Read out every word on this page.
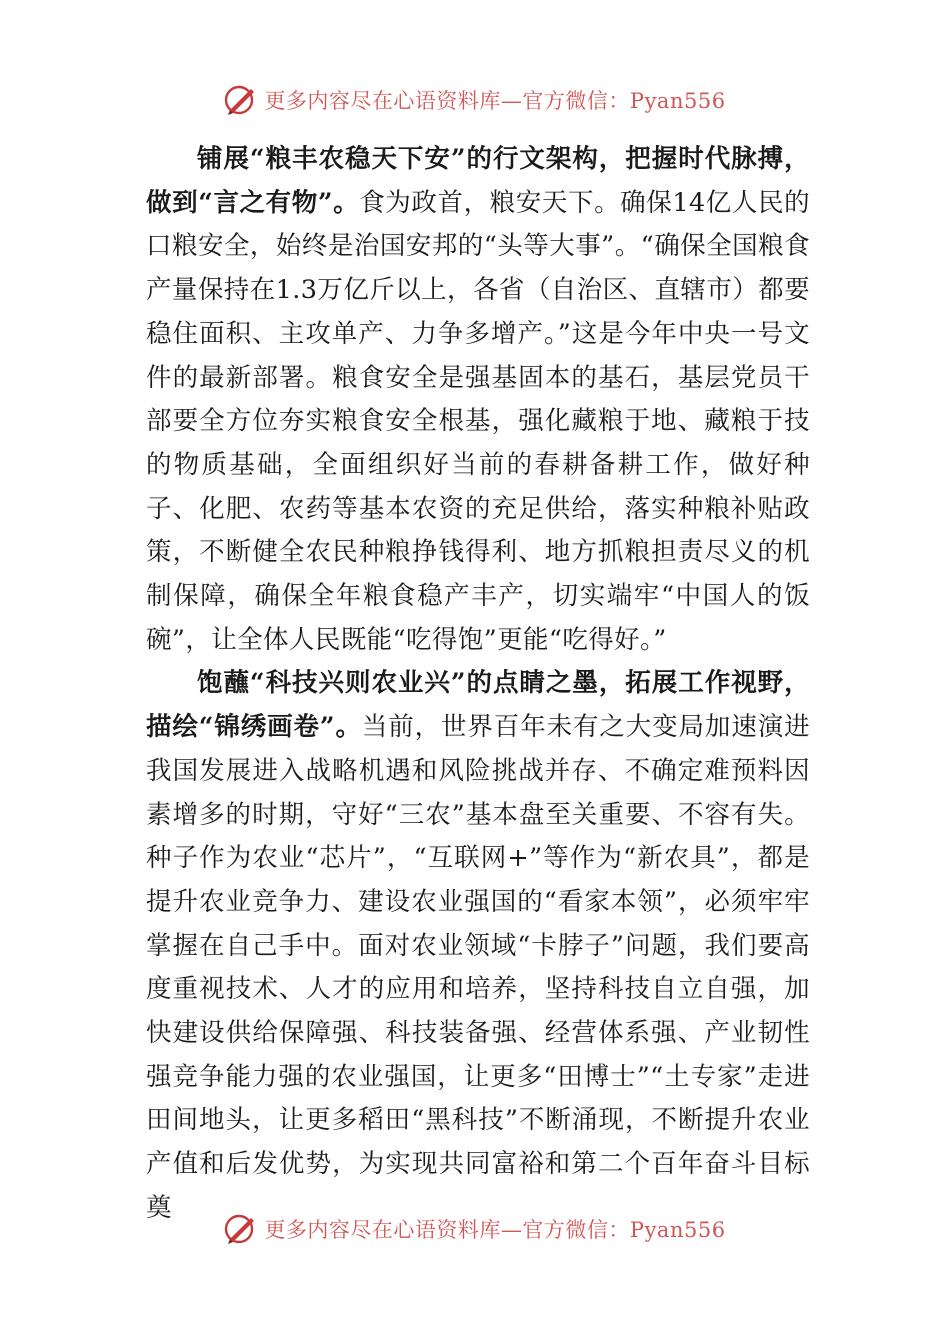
更多内容尽在心语资料库—官方微信：Pyan556

铺展“粮丰农稳天下安”的行文架构，把握时代脉搏，做到“言之有物”。食为政首，粮安天下。确保14亿人民的口粮安全，始终是治国安邦的“头等大事”。“确保全国粮食产量保持在1.3万亿斤以上，各省（自治区、直辖市）都要稳住面积、主攻单产、力争多增产。”这是今年中央一号文件的最新部署。粮食安全是强基固本的基石，基层党员干部要全方位夯实粮食安全根基，强化藏粮于地、藏粮于技的物质基础，全面组织好当前的春耕备耕工作，做好种子、化肥、农药等基本农资的充足供给，落实种粮补贴政策，不断健全农民种粮挣钱得利、地方抓粮担责尽义的机制保障，确保全年粮食稳产丰产，切实端牢“中国人的饭碗”，让全体人民既能“吃得饱”更能“吃得好。”

饱蘸“科技兴则农业兴”的点睛之墨，拓展工作视野，描绘“锦绣画卷”。当前，世界百年未有之大变局加速演进我国发展进入战略机遇和风险挑战并存、不确定难预料因素增多的时期，守好“三农”基本盘至关重要、不容有失。种子作为农业“芯片”，“互联网+”等作为“新农具”，都是提升农业竞争力、建设农业强国的“看家本领”，必须牢牢掌握在自己手中。面对农业领域“卡脖子”问题，我们要高度重视技术、人才的应用和培养，坚持科技自立自强，加快建设供给保障强、科技装备强、经营体系强、产业韧性强竞争能力强的农业强国，让更多“田博士”“土专家”走进田间地头，让更多稻田“黑科技”不断涌现，不断提升农业产值和后发优势，为实现共同富裕和第二个百年奋斗目标奠

更多内容尽在心语资料库—官方微信：Pyan556
